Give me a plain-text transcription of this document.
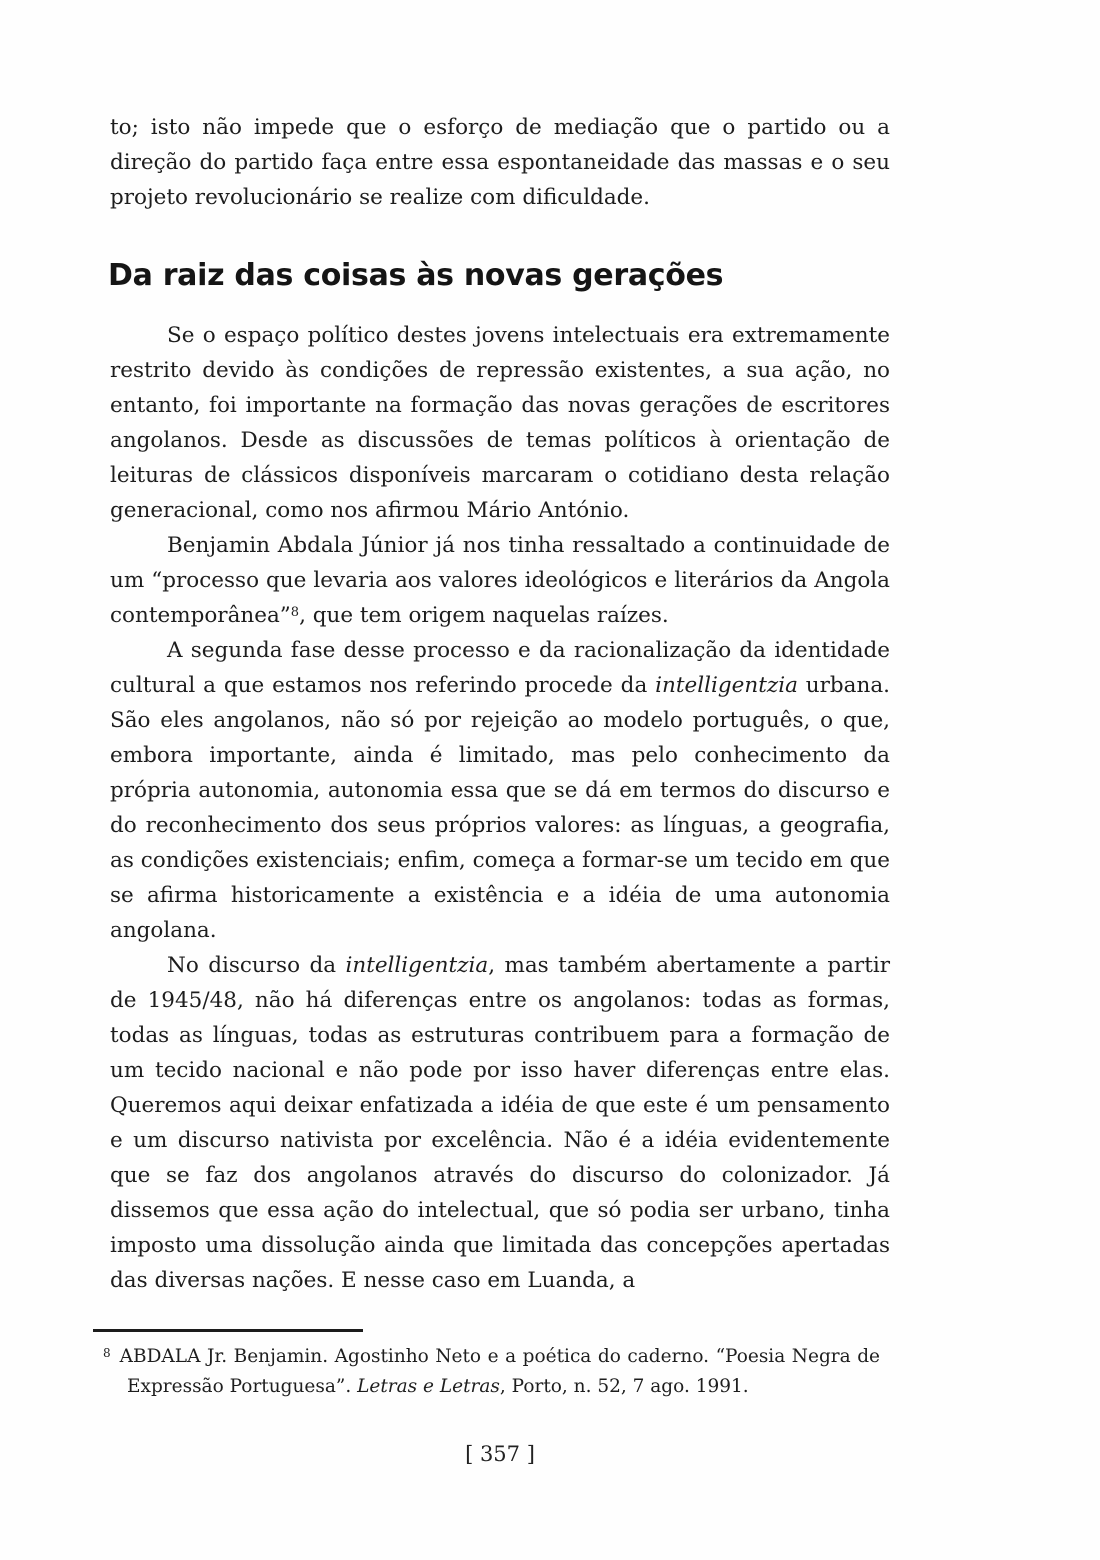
to; isto não impede que o esforço de mediação que o partido ou a direção do partido faça entre essa espontaneidade das massas e o seu projeto revolucionário se realize com dificuldade.

Da raiz das coisas às novas gerações

Se o espaço político destes jovens intelectuais era extremamente restrito devido às condições de repressão existentes, a sua ação, no entanto, foi importante na formação das novas gerações de escritores angolanos. Desde as discussões de temas políticos à orientação de leituras de clássicos disponíveis marcaram o cotidiano desta relação generacional, como nos afirmou Mário António.

Benjamin Abdala Júnior já nos tinha ressaltado a continuidade de um “processo que levaria aos valores ideológicos e literários da Angola contemporânea”$^8$, que tem origem naquelas raízes.

A segunda fase desse processo e da racionalização da identidade cultural a que estamos nos referindo procede da intelligentzia urbana. São eles angolanos, não só por rejeição ao modelo português, o que, embora importante, ainda é limitado, mas pelo conhecimento da própria autonomia, autonomia essa que se dá em termos do discurso e do reconhecimento dos seus próprios valores: as línguas, a geografia, as condições existenciais; enfim, começa a formar-se um tecido em que se afirma historicamente a existência e a idéia de uma autonomia angolana.

No discurso da intelligentzia, mas também abertamente a partir de 1945/48, não há diferenças entre os angolanos: todas as formas, todas as línguas, todas as estruturas contribuem para a formação de um tecido nacional e não pode por isso haver diferenças entre elas. Queremos aqui deixar enfatizada a idéia de que este é um pensamento e um discurso nativista por excelência. Não é a idéia evidentemente que se faz dos angolanos através do discurso do colonizador. Já dissemos que essa ação do intelectual, que só podia ser urbano, tinha imposto uma dissolução ainda que limitada das concepções apertadas das diversas nações. E nesse caso em Luanda, a

$^8$ ABDALA Jr. Benjamin. Agostinho Neto e a poética do caderno. “Poesia Negra de Expressão Portuguesa”. Letras e Letras, Porto, n. 52, 7 ago. 1991.
[ 357 ]
